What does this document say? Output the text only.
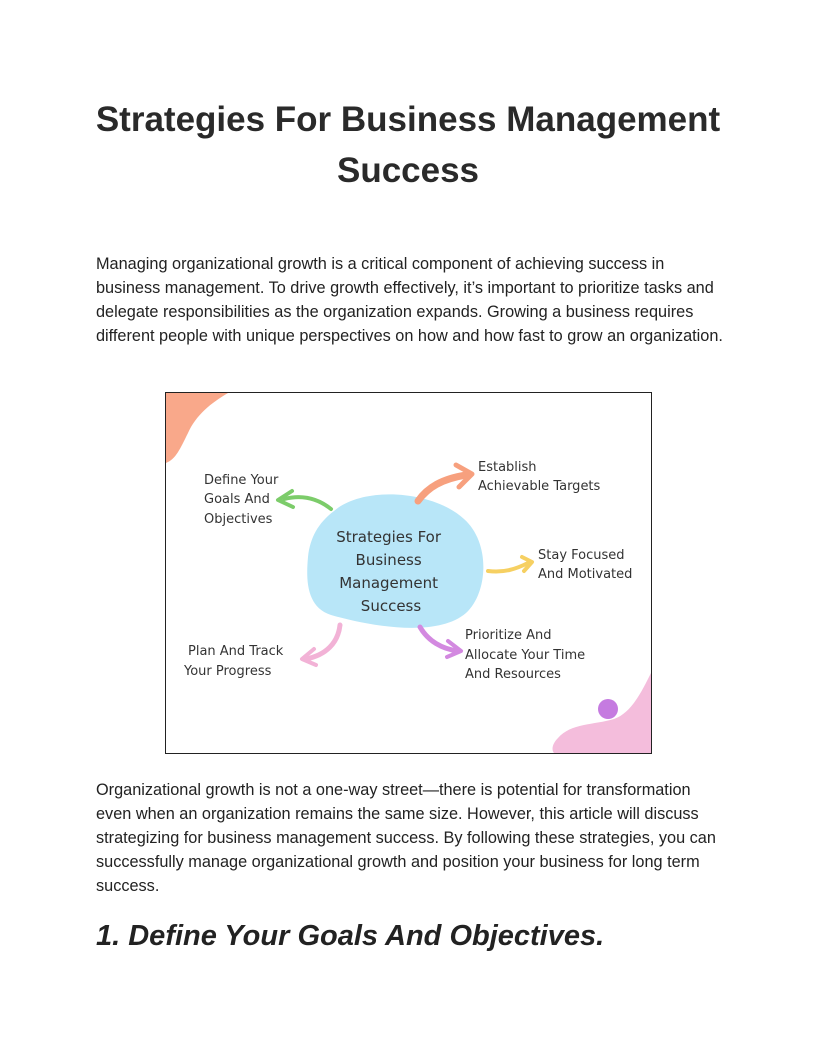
Strategies For Business Management Success

Managing organizational growth is a critical component of achieving success in business management. To drive growth effectively, it’s important to prioritize tasks and delegate responsibilities as the organization expands. Growing a business requires different people with unique perspectives on how and how fast to grow an organization.

Strategies For Business Management Success
Define Your Goals And Objectives
Establish Achievable Targets
Stay Focused And Motivated
Prioritize And Allocate Your Time And Resources
Plan And Track Your Progress

Organizational growth is not a one-way street—there is potential for transformation even when an organization remains the same size. However, this article will discuss strategizing for business management success. By following these strategies, you can successfully manage organizational growth and position your business for long term success.

1. Define Your Goals And Objectives.
